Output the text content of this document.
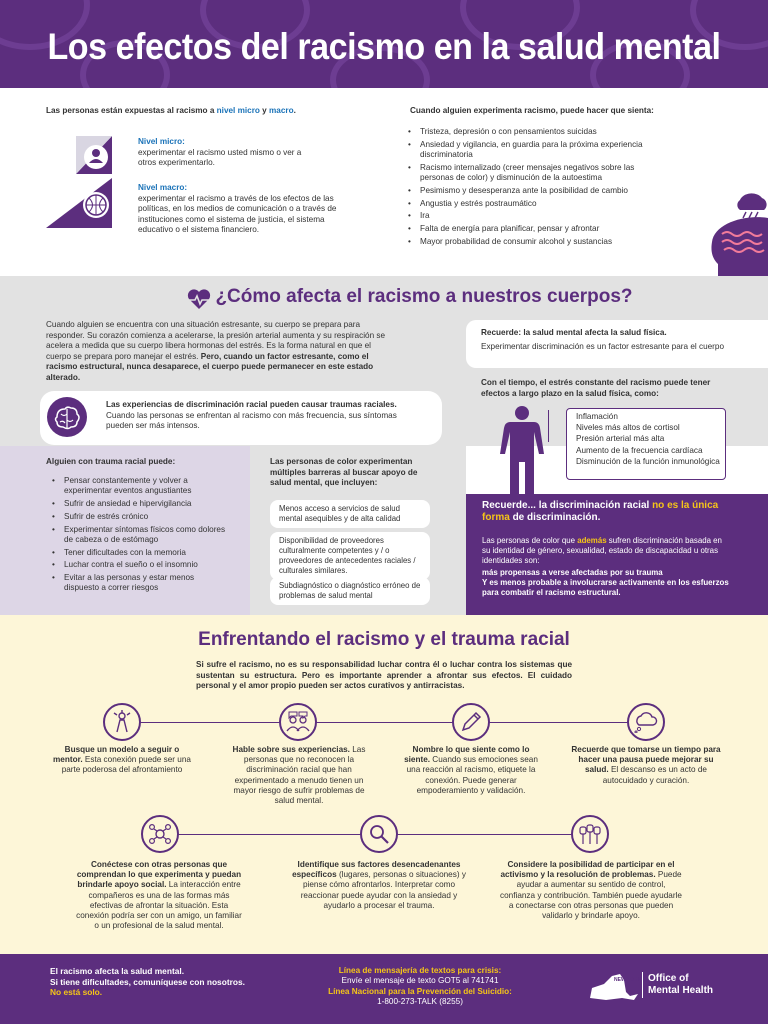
Los efectos del racismo en la salud mental
Las personas están expuestas al racismo a nivel micro y macro.
Nivel micro:
experimentar el racismo usted mismo o ver a otros experimentarlo.
Nivel macro:
experimentar el racismo a través de los efectos de las políticas, en los medios de comunicación o a través de instituciones como el sistema de justicia, el sistema educativo o el sistema financiero.
Cuando alguien experimenta racismo, puede hacer que sienta:
• Tristeza, depresión o con pensamientos suicidas
• Ansiedad y vigilancia, en guardia para la próxima experiencia discriminatoria
• Racismo internalizado (creer mensajes negativos sobre las personas de color) y disminución de la autoestima
• Pesimismo y desesperanza ante la posibilidad de cambio
• Angustia y estrés postraumático
• Ira
• Falta de energía para planificar, pensar y afrontar
• Mayor probabilidad de consumir alcohol y sustancias
¿Cómo afecta el racismo a nuestros cuerpos?
Cuando alguien se encuentra con una situación estresante, su cuerpo se prepara para responder. Su corazón comienza a acelerarse, la presión arterial aumenta y su respiración se acelera a medida que su cuerpo libera hormonas del estrés. Es la forma natural en que el cuerpo se prepara poro manejar el estrés. Pero, cuando un factor estresante, como el racismo estructural, nunca desaparece, el cuerpo puede permanecer en este estado alterado.
Las experiencias de discriminación racial pueden causar traumas raciales.
Cuando las personas se enfrentan al racismo con más frecuencia, sus síntomas pueden ser más intensos.
Recuerde: la salud mental afecta la salud física.
Experimentar discriminación es un factor estresante para el cuerpo
Con el tiempo, el estrés constante del racismo puede tener efectos a largo plazo en la salud física, como:
Inflamación
Niveles más altos de cortisol
Presión arterial más alta
Aumento de la frecuencia cardíaca
Disminución de la función inmunológica
Alguien con trauma racial puede:
• Pensar constantemente y volver a experimentar eventos angustiantes
• Sufrir de ansiedad e hipervigilancia
• Sufrir de estrés crónico
• Experimentar síntomas físicos como dolores de cabeza o de estómago
• Tener dificultades con la memoria
• Luchar contra el sueño o el insomnio
• Evitar a las personas y estar menos dispuesto a correr riesgos
Las personas de color experimentan múltiples barreras al buscar apoyo de salud mental, que incluyen:
Menos acceso a servicios de salud mental asequibles y de alta calidad
Disponibilidad de proveedores culturalmente competentes y / o proveedores de antecedentes raciales / culturales similares.
Subdiagnóstico o diagnóstico erróneo de problemas de salud mental
Recuerde... la discriminación racial no es la única forma de discriminación.
Las personas de color que además sufren discriminación basada en su identidad de género, sexualidad, estado de discapacidad u otras identidades son:
más propensas a verse afectadas por su trauma
Y es menos probable a involucrarse activamente en los esfuerzos para combatir el racismo estructural.
Enfrentando el racismo y el trauma racial
Si sufre el racismo, no es su responsabilidad luchar contra él o luchar contra los sistemas que sustentan su estructura. Pero es importante aprender a afrontar sus efectos. El cuidado personal y el amor propio pueden ser actos curativos y antirracistas.
Busque un modelo a seguir o mentor. Esta conexión puede ser una parte poderosa del afrontamiento
Hable sobre sus experiencias. Las personas que no reconocen la discriminación racial que han experimentado a menudo tienen un mayor riesgo de sufrir problemas de salud mental.
Nombre lo que siente como lo siente. Cuando sus emociones sean una reacción al racismo, etiquete la conexión. Puede generar empoderamiento y validación.
Recuerde que tomarse un tiempo para hacer una pausa puede mejorar su salud. El descanso es un acto de autocuidado y curación.
Conéctese con otras personas que comprendan lo que experimenta y puedan brindarle apoyo social. La interacción entre compañeros es una de las formas más efectivas de afrontar la situación. Esta conexión podría ser con un amigo, un familiar o un profesional de la salud mental.
Identifique sus factores desencadenantes específicos (lugares, personas o situaciones) y piense cómo afrontarlos. Interpretar como reaccionar puede ayudar con la ansiedad y ayudarlo a procesar el trauma.
Considere la posibilidad de participar en el activismo y la resolución de problemas. Puede ayudar a aumentar su sentido de control, confianza y contribución. También puede ayudarle a conectarse con otras personas que pueden validarlo y brindarle apoyo.
El racismo afecta la salud mental.
Si tiene dificultades, comuníquese con nosotros.
No está solo.
Línea de mensajería de textos para crisis:
Envíe el mensaje de texto GOT5 al 741741
Línea Nacional para la Prevención del Suicidio:
1-800-273-TALK (8255)
NEW YORK Office of
Mental Health
